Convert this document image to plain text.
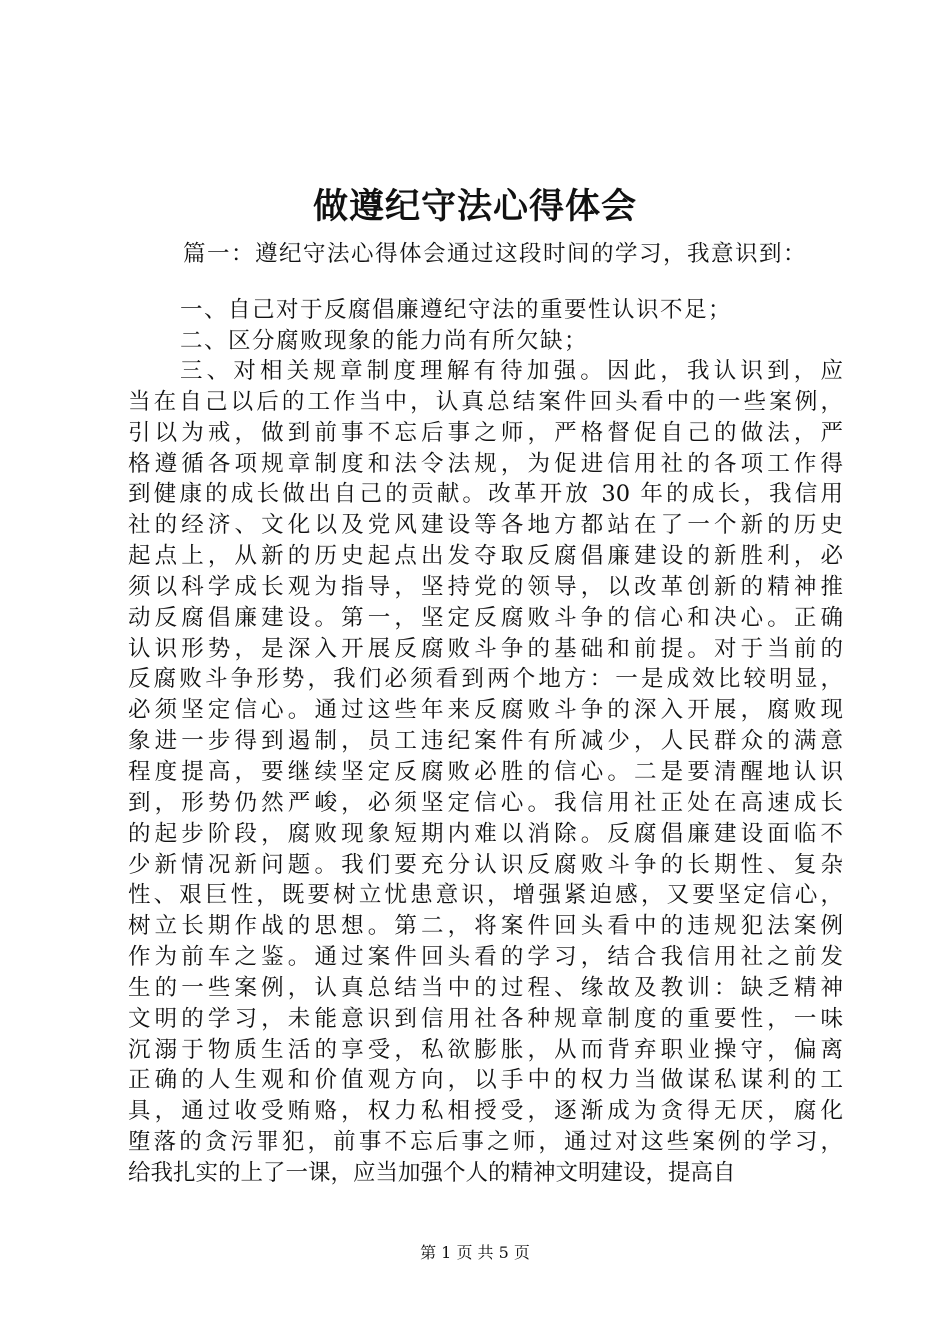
做遵纪守法心得体会
篇一：遵纪守法心得体会通过这段时间的学习，我意识到：
一、自己对于反腐倡廉遵纪守法的重要性认识不足；
二、区分腐败现象的能力尚有所欠缺；
三、对相关规章制度理解有待加强。因此，我认识到，应
当在自己以后的工作当中，认真总结案件回头看中的一些案例，
引以为戒，做到前事不忘后事之师，严格督促自己的做法，严
格遵循各项规章制度和法令法规，为促进信用社的各项工作得
到健康的成长做出自己的贡献。改革开放 30 年的成长，我信用
社的经济、文化以及党风建设等各地方都站在了一个新的历史
起点上，从新的历史起点出发夺取反腐倡廉建设的新胜利，必
须以科学成长观为指导，坚持党的领导，以改革创新的精神推
动反腐倡廉建设。第一，坚定反腐败斗争的信心和决心。正确
认识形势，是深入开展反腐败斗争的基础和前提。对于当前的
反腐败斗争形势，我们必须看到两个地方：一是成效比较明显，
必须坚定信心。通过这些年来反腐败斗争的深入开展，腐败现
象进一步得到遏制，员工违纪案件有所减少，人民群众的满意
程度提高，要继续坚定反腐败必胜的信心。二是要清醒地认识
到，形势仍然严峻，必须坚定信心。我信用社正处在高速成长
的起步阶段，腐败现象短期内难以消除。反腐倡廉建设面临不
少新情况新问题。我们要充分认识反腐败斗争的长期性、复杂
性、艰巨性，既要树立忧患意识，增强紧迫感，又要坚定信心，
树立长期作战的思想。第二，将案件回头看中的违规犯法案例
作为前车之鉴。通过案件回头看的学习，结合我信用社之前发
生的一些案例，认真总结当中的过程、缘故及教训：缺乏精神
文明的学习，未能意识到信用社各种规章制度的重要性，一味
沉溺于物质生活的享受，私欲膨胀，从而背弃职业操守，偏离
正确的人生观和价值观方向，以手中的权力当做谋私谋利的工
具，通过收受贿赂，权力私相授受，逐渐成为贪得无厌，腐化
堕落的贪污罪犯，前事不忘后事之师，通过对这些案例的学习，
给我扎实的上了一课，应当加强个人的精神文明建设，提高自
第 1 页 共 5 页
